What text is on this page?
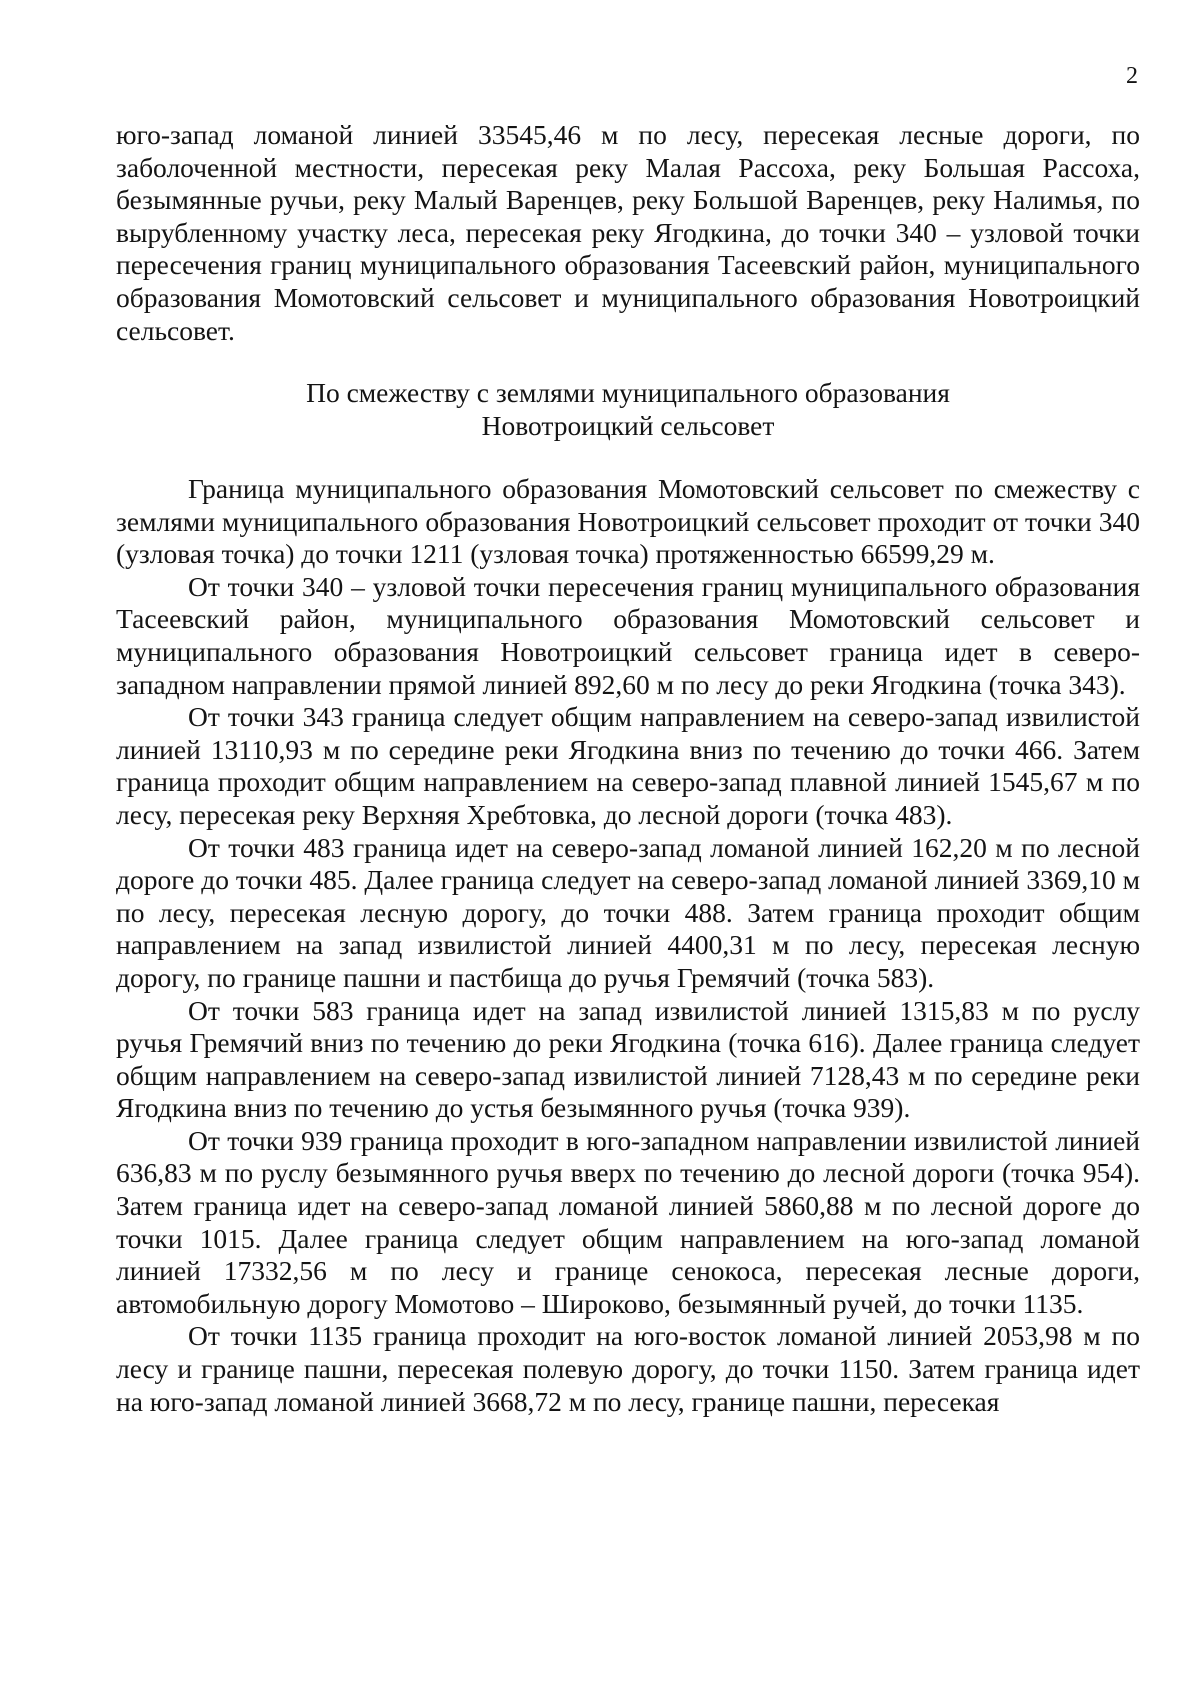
2

юго-запад ломаной линией 33545,46 м по лесу, пересекая лесные дороги, по заболоченной местности, пересекая реку Малая Рассоха, реку Большая Рассоха, безымянные ручьи, реку Малый Варенцев, реку Большой Варенцев, реку Налимья, по вырубленному участку леса, пересекая реку Ягодкина, до точки 340 – узловой точки пересечения границ муниципального образования Тасеевский район, муниципального образования Момотовский сельсовет и муниципального образования Новотроицкий сельсовет.

По смежеству с землями муниципального образования
Новотроицкий сельсовет

Граница муниципального образования Момотовский сельсовет по смежеству с землями муниципального образования Новотроицкий сельсовет проходит от точки 340 (узловая точка) до точки 1211 (узловая точка) протяженностью 66599,29 м.

От точки 340 – узловой точки пересечения границ муниципального образования Тасеевский район, муниципального образования Момотовский сельсовет и муниципального образования Новотроицкий сельсовет граница идет в северо-западном направлении прямой линией 892,60 м по лесу до реки Ягодкина (точка 343).

От точки 343 граница следует общим направлением на северо-запад извилистой линией 13110,93 м по середине реки Ягодкина вниз по течению до точки 466. Затем граница проходит общим направлением на северо-запад плавной линией 1545,67 м по лесу, пересекая реку Верхняя Хребтовка, до лесной дороги (точка 483).

От точки 483 граница идет на северо-запад ломаной линией 162,20 м по лесной дороге до точки 485. Далее граница следует на северо-запад ломаной линией 3369,10 м по лесу, пересекая лесную дорогу, до точки 488. Затем граница проходит общим направлением на запад извилистой линией 4400,31 м по лесу, пересекая лесную дорогу, по границе пашни и пастбища до ручья Гремячий (точка 583).

От точки 583 граница идет на запад извилистой линией 1315,83 м по руслу ручья Гремячий вниз по течению до реки Ягодкина (точка 616). Далее граница следует общим направлением на северо-запад извилистой линией 7128,43 м по середине реки Ягодкина вниз по течению до устья безымянного ручья (точка 939).

От точки 939 граница проходит в юго-западном направлении извилистой линией 636,83 м по руслу безымянного ручья вверх по течению до лесной дороги (точка 954). Затем граница идет на северо-запад ломаной линией 5860,88 м по лесной дороге до точки 1015. Далее граница следует общим направлением на юго-запад ломаной линией 17332,56 м по лесу и границе сенокоса, пересекая лесные дороги, автомобильную дорогу Момотово – Широково, безымянный ручей, до точки 1135.

От точки 1135 граница проходит на юго-восток ломаной линией 2053,98 м по лесу и границе пашни, пересекая полевую дорогу, до точки 1150. Затем граница идет на юго-запад ломаной линией 3668,72 м по лесу, границе пашни, пересекая
